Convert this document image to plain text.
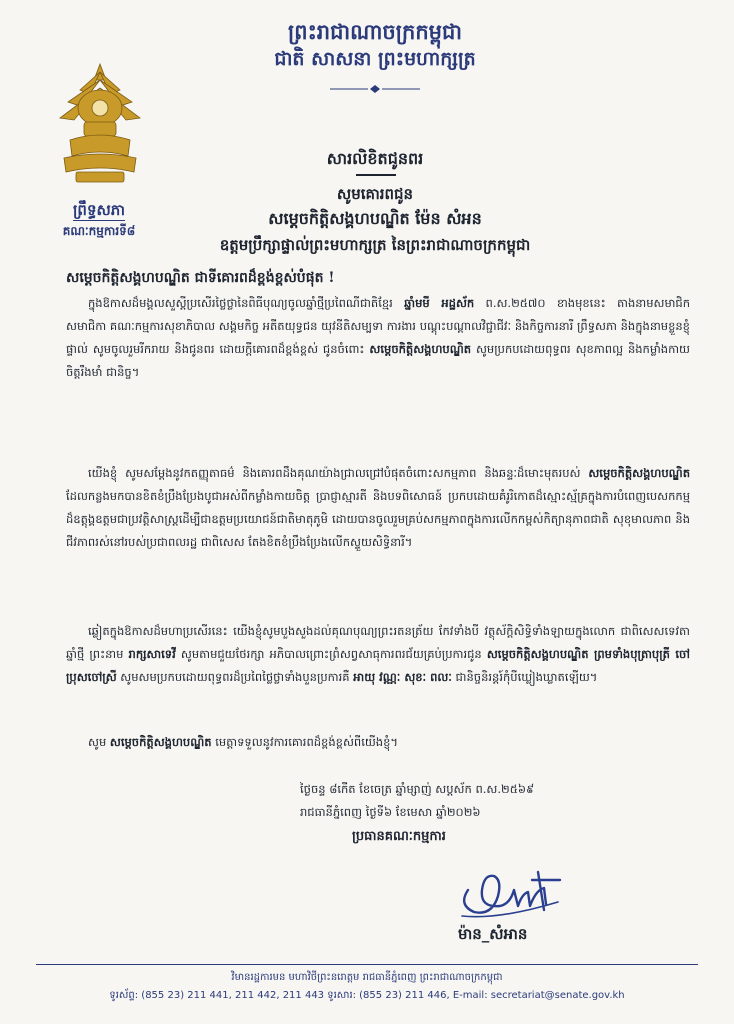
ព្រះរាជាណាចក្រកម្ពុជា
ជាតិ សាសនា ព្រះមហាក្សត្រ
ព្រឹទ្ធសភា
គណៈកម្មការទី៨
សារលិខិតជូនពរ
សូមគោរពជូន
សម្ដេចកិត្តិសង្គហបណ្ឌិត ម៉ែន សំអន
ឧត្ដមប្រឹក្សាផ្ទាល់ព្រះមហាក្សត្រ នៃព្រះរាជាណាចក្រកម្ពុជា
សម្ដេចកិត្តិសង្គហបណ្ឌិត ជាទីគោរពដ៏ខ្ពង់ខ្ពស់បំផុត !
ក្នុងឱកាសដ៏មង្គលសួស្ដីប្រសើរថ្លៃថ្លានៃពិធីបុណ្យចូលឆ្នាំថ្មីប្រពៃណីជាតិខ្មែរ ឆ្នាំមមី អដ្ឋស័ក ព.ស.២៥៧០ ខាងមុខនេះ តាងនាមសមាជិក សមាជិកា គណៈកម្មការសុខាភិបាល សង្គមកិច្ច អតីតយុទ្ធជន យុវនីតិសម្បទា ការងារ បណ្ដុះបណ្ដាលវិជ្ជាជីវៈ និងកិច្ចការនារី ព្រឹទ្ធសភា និងក្នុងនាមខ្លួនខ្ញុំផ្ទាល់ សូមចូលរួមរីករាយ និងជូនពរ ដោយក្ដីគោរពដ៏ខ្ពង់ខ្ពស់ ជូនចំពោះ សម្ដេចកិត្តិសង្គហបណ្ឌិត សូមប្រកបដោយពុទ្ធពរ សុខភាពល្អ និងកម្លាំងកាយចិត្តរឹងមាំ ជានិច្ច។
យើងខ្ញុំ សូមសម្ដែងនូវកតញ្ញុតាធម៌ និងគោរពដឹងគុណយ៉ាងជ្រាលជ្រៅបំផុតចំពោះសកម្មភាព និងឆន្ទៈដ៏មោះមុតរបស់ សម្ដេចកិត្តិសង្គហបណ្ឌិត ដែលកន្លងមកបានខិតខំប្រឹងប្រែងបូជាអស់ពីកម្លាំងកាយចិត្ត ប្រាជ្ញាស្មារតី និងបទពិសោធន៍ ប្រកបដោយគំរូរិកោតដ៏ស្មោះស្ម័គ្រក្នុងការបំពេញបេសកកម្មដ៏ឧត្ដុង្គឧត្ដមជាប្រវត្តិសាស្ត្រដើម្បីជាឧត្ដមប្រយោជន៍ជាតិមាតុភូមិ ដោយបានចូលរួមគ្រប់សកម្មភាពក្នុងការលើកកម្ពស់កិត្យានុភាពជាតិ សុខុមាលភាព និងជីវភាពរស់នៅរបស់ប្រជាពលរដ្ឋ ជាពិសេស តែងខិតខំប្រឹងប្រែងលើកស្ទួយសិទ្ធិនារី។
ឆ្លៀតក្នុងឱកាសដ៏មហាប្រសើរនេះ យើងខ្ញុំសូមបួងសួងដល់គុណបុណ្យព្រះរតនត្រ័យ កែវទាំងបី វត្ថុស័ក្ដិសិទ្ធិទាំងឡាយក្នុងលោក ជាពិសេសទេវតាឆ្នាំថ្មី ព្រះនាម រាក្សសាទេវី សូមតាមជួយថែរក្សា អភិបាលព្រោះព្រំសព្វសាធុការពរជ័យគ្រប់ប្រការជូន សម្ដេចកិត្តិសង្គហបណ្ឌិត ព្រមទាំងបុត្រាបុត្រី ចៅប្រុសចៅស្រី សូមសមប្រកបដោយពុទ្ធពរដ៏ប្រពៃថ្លៃថ្លាទាំងបួនប្រការគឺ អាយុ វណ្ណៈ សុខៈ ពលៈ ជានិច្ចនិរន្តរ៍កុំបីឃ្លៀងឃ្លាតឡើយ។
សូម សម្ដេចកិត្តិសង្គហបណ្ឌិត មេត្តាទទួលនូវការគោរពដ៏ខ្ពង់ខ្ពស់ពីយើងខ្ញុំ។
ថ្ងៃចន្ទ ៨កើត ខែចេត្រ ឆ្នាំម្សាញ់ សប្ដស័ក ព.ស.២៥៦៩
រាជធានីភ្នំពេញ ថ្ងៃទី៦ ខែមេសា ឆ្នាំ២០២៦
ប្រធានគណៈកម្មការ
ម៉ាន_សំអាន
វិមានរដ្ឋការមន មហាវិថីព្រះនរោត្តម រាជធានីភ្នំពេញ ព្រះរាជាណាចក្រកម្ពុជា
ទូរស័ព្ទ: (855 23) 211 441, 211 442, 211 443 ទូរសារ: (855 23) 211 446, E-mail: secretariat@senate.gov.kh
